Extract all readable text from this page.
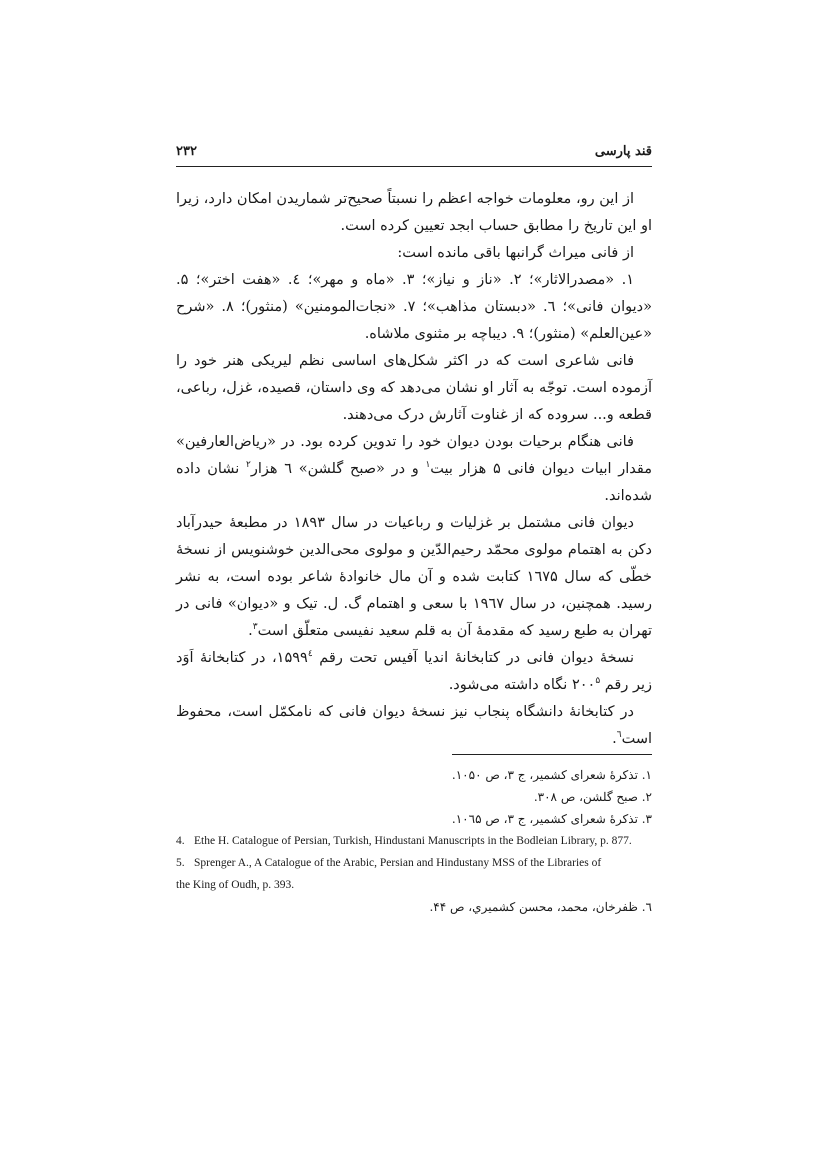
قند پارسی
۲۳۲

از این رو، معلومات خواجه اعظم را نسبتاً صحیح‌تر شماریدن امکان دارد، زیرا او این تاریخ را مطابق حساب ابجد تعیین کرده است.

از فانی میراث گرانبها باقی مانده است:

۱. «مصدرالاثار»؛ ۲. «ناز و نیاز»؛ ۳. «ماه و مهر»؛ ٤. «هفت اختر»؛ ۵. «دیوان فانی»؛ ٦. «دبستان مذاهب»؛ ۷. «نجات‌المومنین» (منثور)؛ ۸. «شرح «عین‌العلم» (منثور)؛ ۹. دیباچه بر مثنوی ملاشاه.

فانی شاعری است که در اکثر شکل‌های اساسی نظم لیریکی هنر خود را آزموده است. توجّه به آثار او نشان می‌دهد که وی داستان، قصیده، غزل، رباعی، قطعه و... سروده که از غناوت آثارش درک می‌دهند.

فانی هنگام برحیات بودن دیوان خود را تدوین کرده بود. در «ریاض‌العارفین» مقدار ابیات دیوان فانی ۵ هزار بیت$^۱$ و در «صبح گلشن» ٦ هزار$^۲$ نشان داده شده‌اند.

دیوان فانی مشتمل بر غزلیات و رباعیات در سال ۱۸۹۳ در مطبعهٔ حیدرآباد دکن به اهتمام مولوی محمّد رحیم‌الدّین و مولوی محی‌الدین خوشنویس از نسخهٔ خطّی که سال ۱٦۷۵ کتابت شده و آن مال خانوادهٔ شاعر بوده است، به نشر رسید. همچنین، در سال ۱۹٦۷ با سعی و اهتمام گ. ل. تیک و «دیوان» فانی در تهران به طبع رسید که مقدمهٔ آن به قلم سعید نفیسی متعلّق است$^۳$.

نسخهٔ دیوان فانی در کتابخانهٔ اندیا آفیس تحت رقم ۱۵۹۹$^٤$، در کتابخانهٔ اَوَد زیر رقم $۲۰۰^۵$ نگاه داشته می‌شود.

در کتابخانهٔ دانشگاه پنجاب نیز نسخهٔ دیوان فانی که نامکمّل است، محفوظ است$^٦$.

۱. تذکرهٔ شعرای کشمیر، ج ۳، ص ۱۰۵۰.
۲. صبح گلشن، ص ۳۰۸.
۳. تذکرهٔ شعرای کشمیر، ج ۳، ص ۱۰٦۵.
4. Ethe H. Catalogue of Persian, Turkish, Hindustani Manuscripts in the Bodleian Library, p. 877.
5. Sprenger A., A Catalogue of the Arabic, Persian and Hindustany MSS of the Libraries of
the King of Oudh, p. 393.
٦. ظفرخان، محمد، محسن کشمیري، ص ۴۴.
